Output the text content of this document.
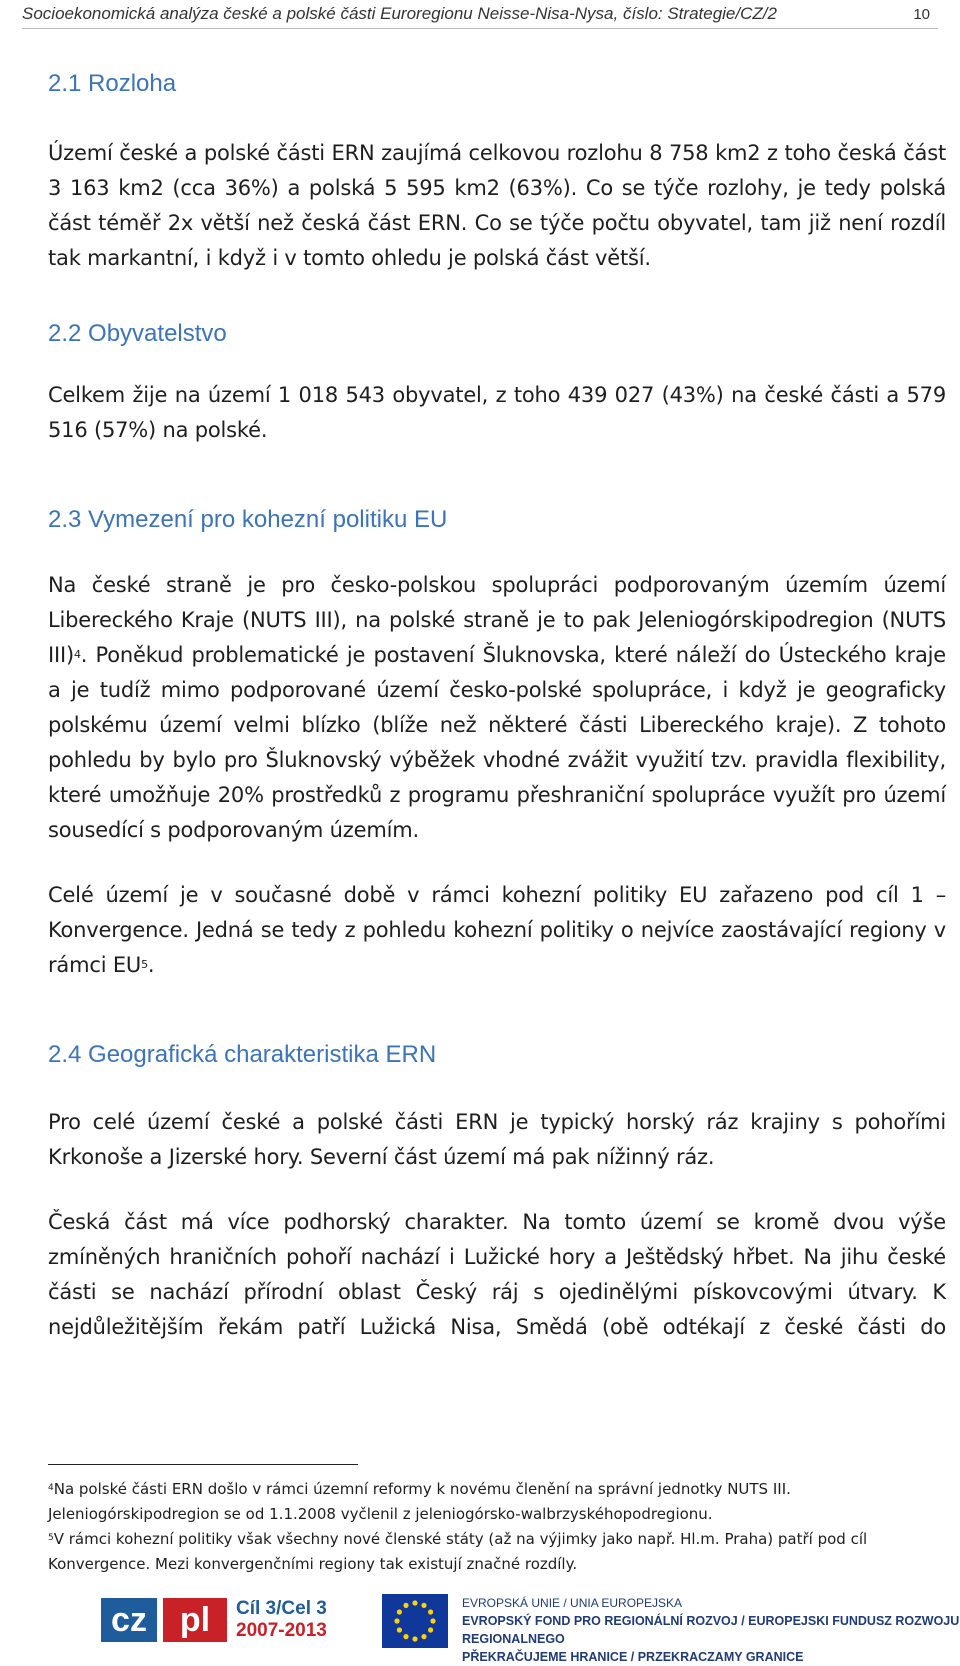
Socioekonomická analýza české a polské části Euroregionu Neisse-Nisa-Nysa, číslo: Strategie/CZ/2	10
2.1 Rozloha

Území české a polské části ERN zaujímá celkovou rozlohu 8 758 km2 z toho česká část 3 163 km2 (cca 36%) a polská 5 595 km2 (63%). Co se týče rozlohy, je tedy polská část téměř 2x větší než česká část ERN. Co se týče počtu obyvatel, tam již není rozdíl tak markantní, i když i v tomto ohledu je polská část větší.

2.2 Obyvatelstvo

Celkem žije na území 1 018 543 obyvatel, z toho 439 027 (43%) na české části a 579 516 (57%) na polské.

2.3 Vymezení pro kohezní politiku EU

Na české straně je pro česko-polskou spolupráci podporovaným územím území Libereckého Kraje (NUTS III), na polské straně je to pak Jeleniogórskipodregion (NUTS III)$^4$. Poněkud problematické je postavení Šluknovska, které náleží do Ústeckého kraje a je tudíž mimo podporované území česko-polské spolupráce, i když je geograficky polskému území velmi blízko (blíže než některé části Libereckého kraje). Z tohoto pohledu by bylo pro Šluknovský výběžek vhodné zvážit využití tzv. pravidla flexibility, které umožňuje 20% prostředků z programu přeshraniční spolupráce využít pro území sousedící s podporovaným územím.

Celé území je v současné době v rámci kohezní politiky EU zařazeno pod cíl 1 – Konvergence. Jedná se tedy z pohledu kohezní politiky o nejvíce zaostávající regiony v rámci $EU^5$.

2.4 Geografická charakteristika ERN

Pro celé území české a polské části ERN je typický horský ráz krajiny s pohořími Krkonoše a Jizerské hory. Severní část území má pak nížinný ráz.

Česká část má více podhorský charakter. Na tomto území se kromě dvou výše zmíněných hraničních pohoří nachází i Lužické hory a Ještědský hřbet. Na jihu české části se nachází přírodní oblast Český ráj s ojedinělými pískovcovými útvary. K nejdůležitějším řekám patří Lužická Nisa, Smědá (obě odtékají z české části do

$^4$Na polské části ERN došlo v rámci územní reformy k novému členění na správní jednotky NUTS III. Jeleniogórskipodregion se od 1.1.2008 vyčlenil z jeleniogórsko-walbrzyskéhopodregionu.
$^5$V rámci kohezní politiky však všechny nové členské státy (až na výjimky jako např. Hl.m. Praha) patří pod cíl Konvergence. Mezi konvergenčními regiony tak existují značné rozdíly.
cz pl	Cíl 3/Cel 3
2007-2013
EVROPSKÁ UNIE / UNIA EUROPEJSKA
EVROPSKÝ FOND PRO REGIONÁLNÍ ROZVOJ / EUROPEJSKI FUNDUSZ ROZWOJU REGIONALNEGO
PŘEKRAČUJEME HRANICE / PRZEKRACZAMY GRANICE
